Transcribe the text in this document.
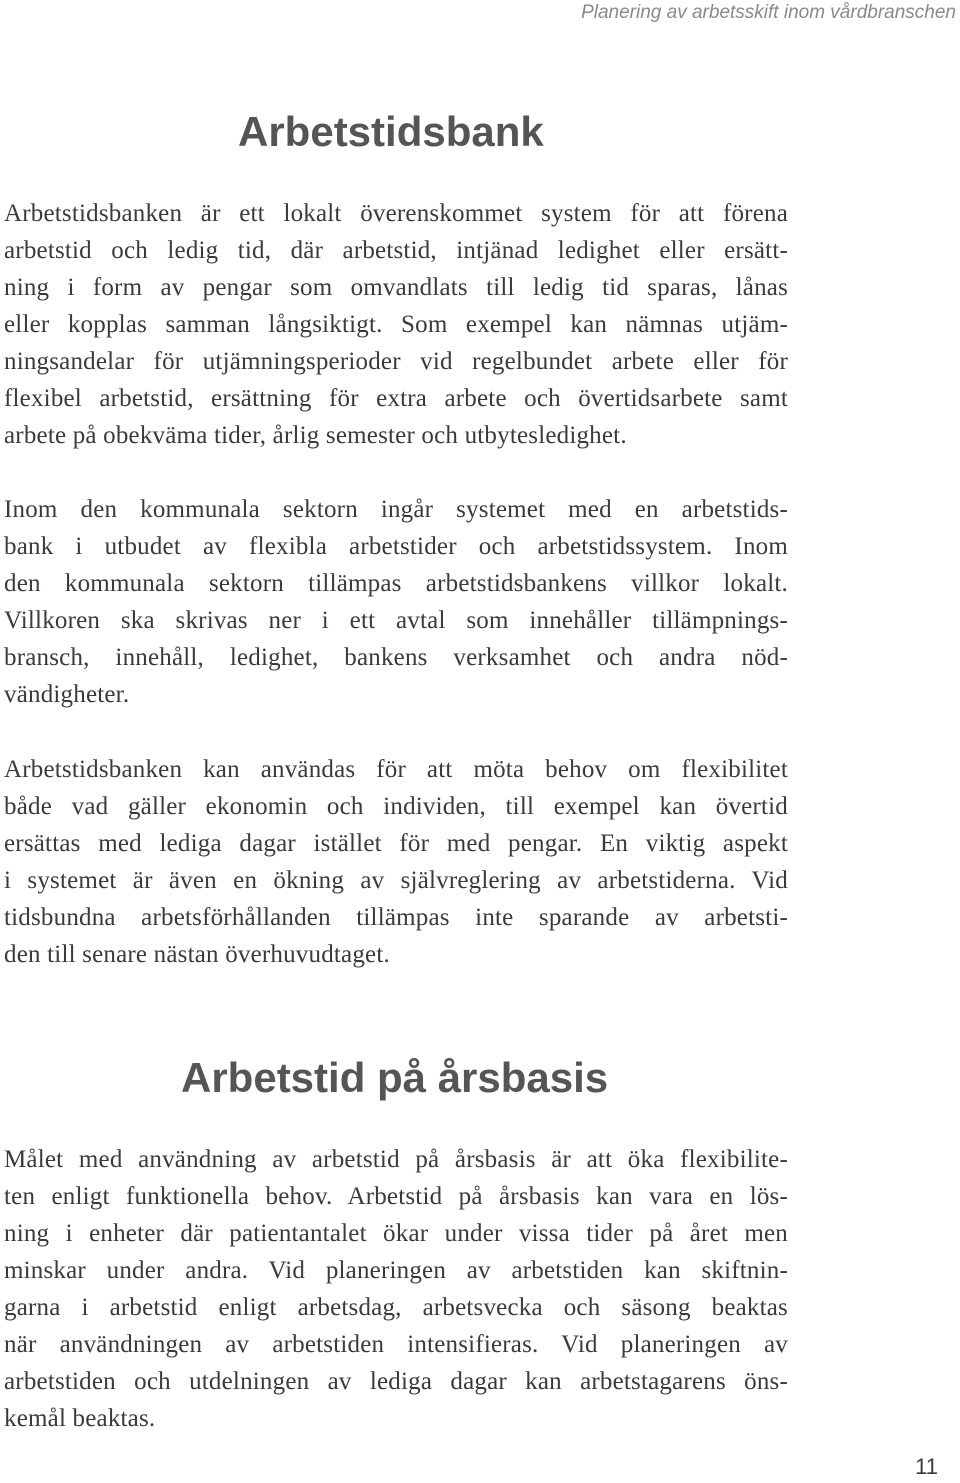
Planering av arbetsskift inom vårdbranschen
Arbetstidsbank
Arbetstidsbanken är ett lokalt överenskommet system för att förena
arbetstid och ledig tid, där arbetstid, intjänad ledighet eller ersätt-
ning i form av pengar som omvandlats till ledig tid sparas, lånas
eller kopplas samman långsiktigt. Som exempel kan nämnas utjäm-
ningsandelar för utjämningsperioder vid regelbundet arbete eller för
flexibel arbetstid, ersättning för extra arbete och övertidsarbete samt
arbete på obekväma tider, årlig semester och utbytesledighet.
Inom den kommunala sektorn ingår systemet med en arbetstids-
bank i utbudet av flexibla arbetstider och arbetstidssystem. Inom
den kommunala sektorn tillämpas arbetstidsbankens villkor lokalt.
Villkoren ska skrivas ner i ett avtal som innehåller tillämpnings-
bransch, innehåll, ledighet, bankens verksamhet och andra nöd-
vändigheter.
Arbetstidsbanken kan användas för att möta behov om flexibilitet
både vad gäller ekonomin och individen, till exempel kan övertid
ersättas med lediga dagar istället för med pengar. En viktig aspekt
i systemet är även en ökning av självreglering av arbetstiderna. Vid
tidsbundna arbetsförhållanden tillämpas inte sparande av arbetsti-
den till senare nästan överhuvudtaget.
Arbetstid på årsbasis
Målet med användning av arbetstid på årsbasis är att öka flexibilite-
ten enligt funktionella behov. Arbetstid på årsbasis kan vara en lös-
ning i enheter där patientantalet ökar under vissa tider på året men
minskar under andra. Vid planeringen av arbetstiden kan skiftnin-
garna i arbetstid enligt arbetsdag, arbetsvecka och säsong beaktas
när användningen av arbetstiden intensifieras. Vid planeringen av
arbetstiden och utdelningen av lediga dagar kan arbetstagarens öns-
kemål beaktas.
11
